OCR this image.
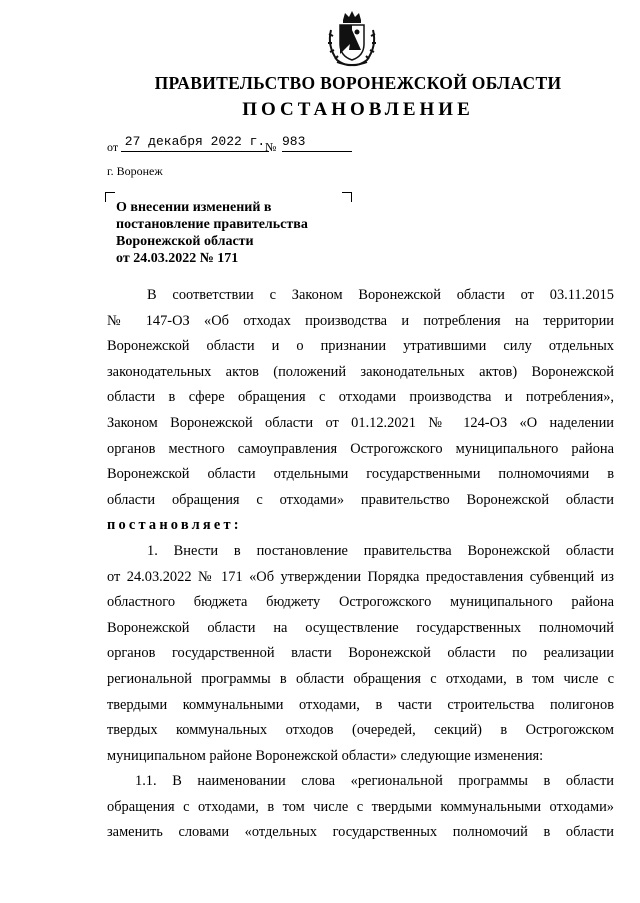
ПРАВИТЕЛЬСТВО ВОРОНЕЖСКОЙ ОБЛАСТИ
ПОСТАНОВЛЕНИЕ
от 27 декабря 2022 г. № 983
г. Воронеж
О внесении изменений в
постановление правительства
Воронежской области
от 24.03.2022 № 171
В соответствии с Законом Воронежской области от 03.11.2015
№ 147-ОЗ «Об отходах производства и потребления на территории
Воронежской области и о признании утратившими силу отдельных
законодательных актов (положений законодательных актов) Воронежской
области в сфере обращения с отходами производства и потребления»,
Законом Воронежской области от 01.12.2021 № 124-ОЗ «О наделении
органов местного самоуправления Острогожского муниципального района
Воронежской области отдельными государственными полномочиями в
области обращения с отходами» правительство Воронежской области
постановляет:
1. Внести в постановление правительства Воронежской области
от 24.03.2022 № 171 «Об утверждении Порядка предоставления субвенций из
областного бюджета бюджету Острогожского муниципального района
Воронежской области на осуществление государственных полномочий
органов государственной власти Воронежской области по реализации
региональной программы в области обращения с отходами, в том числе с
твердыми коммунальными отходами, в части строительства полигонов
твердых коммунальных отходов (очередей, секций) в Острогожском
муниципальном районе Воронежской области» следующие изменения:
1.1. В наименовании слова «региональной программы в области
обращения с отходами, в том числе с твердыми коммунальными отходами»
заменить словами «отдельных государственных полномочий в области
